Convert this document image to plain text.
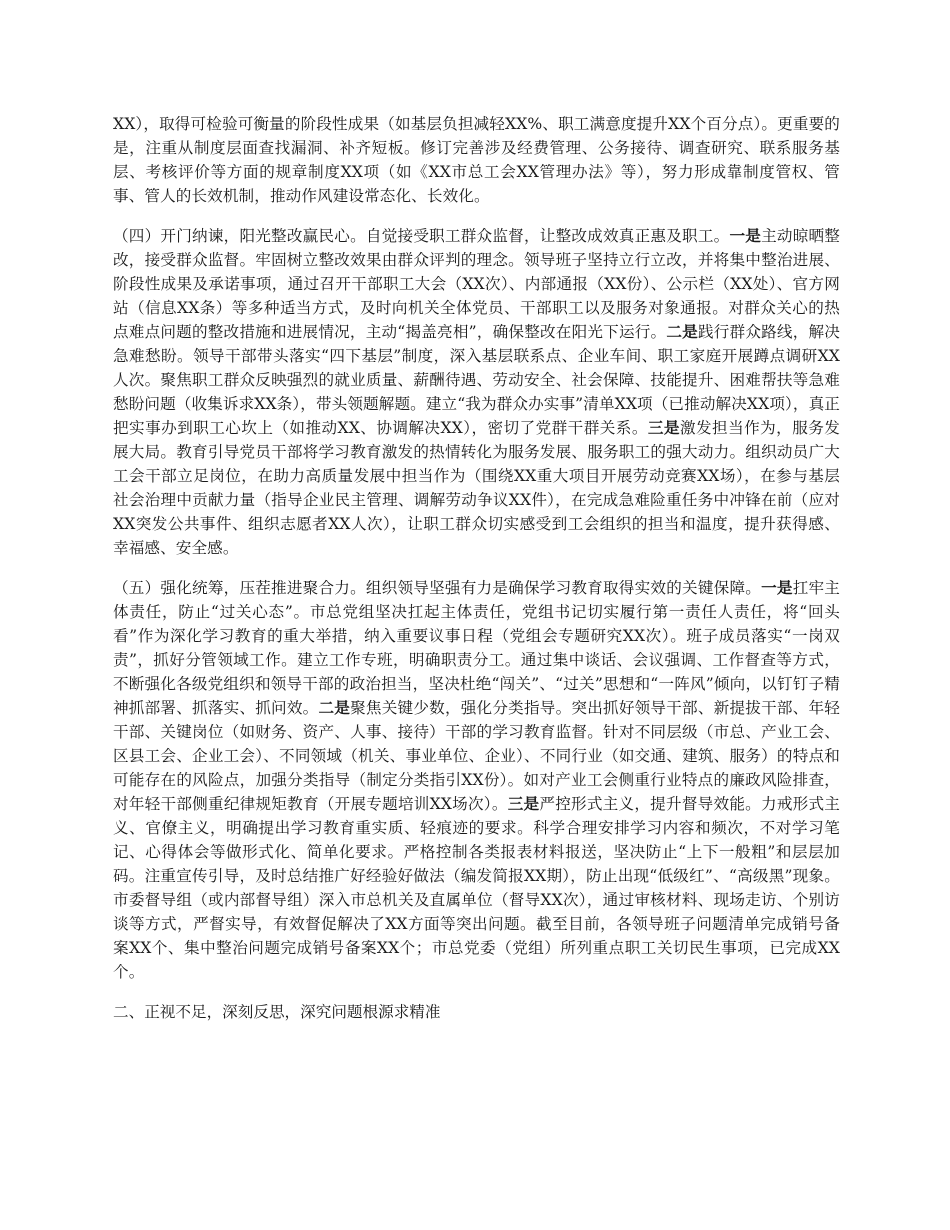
XX），取得可检验可衡量的阶段性成果（如基层负担减轻XX%、职工满意度提升XX个百分点）。更重要的是，注重从制度层面查找漏洞、补齐短板。修订完善涉及经费管理、公务接待、调查研究、联系服务基层、考核评价等方面的规章制度XX项（如《XX市总工会XX管理办法》等），努力形成靠制度管权、管事、管人的长效机制，推动作风建设常态化、长效化。

（四）开门纳谏，阳光整改赢民心。自觉接受职工群众监督，让整改成效真正惠及职工。一是主动晾晒整改，接受群众监督。牢固树立整改效果由群众评判的理念。领导班子坚持立行立改，并将集中整治进展、阶段性成果及承诺事项，通过召开干部职工大会（XX次）、内部通报（XX份）、公示栏（XX处）、官方网站（信息XX条）等多种适当方式，及时向机关全体党员、干部职工以及服务对象通报。对群众关心的热点难点问题的整改措施和进展情况，主动“揭盖亮相”，确保整改在阳光下运行。二是践行群众路线，解决急难愁盼。领导干部带头落实“四下基层”制度，深入基层联系点、企业车间、职工家庭开展蹲点调研XX人次。聚焦职工群众反映强烈的就业质量、薪酬待遇、劳动安全、社会保障、技能提升、困难帮扶等急难愁盼问题（收集诉求XX条），带头领题解题。建立“我为群众办实事”清单XX项（已推动解决XX项），真正把实事办到职工心坎上（如推动XX、协调解决XX），密切了党群干群关系。三是激发担当作为，服务发展大局。教育引导党员干部将学习教育激发的热情转化为服务发展、服务职工的强大动力。组织动员广大工会干部立足岗位，在助力高质量发展中担当作为（围绕XX重大项目开展劳动竞赛XX场），在参与基层社会治理中贡献力量（指导企业民主管理、调解劳动争议XX件），在完成急难险重任务中冲锋在前（应对XX突发公共事件、组织志愿者XX人次），让职工群众切实感受到工会组织的担当和温度，提升获得感、幸福感、安全感。

（五）强化统筹，压茬推进聚合力。组织领导坚强有力是确保学习教育取得实效的关键保障。一是扛牢主体责任，防止“过关心态”。市总党组坚决扛起主体责任，党组书记切实履行第一责任人责任，将“回头看”作为深化学习教育的重大举措，纳入重要议事日程（党组会专题研究XX次）。班子成员落实“一岗双责”，抓好分管领域工作。建立工作专班，明确职责分工。通过集中谈话、会议强调、工作督查等方式，不断强化各级党组织和领导干部的政治担当，坚决杜绝“闯关”、“过关”思想和“一阵风”倾向，以钉钉子精神抓部署、抓落实、抓问效。二是聚焦关键少数，强化分类指导。突出抓好领导干部、新提拔干部、年轻干部、关键岗位（如财务、资产、人事、接待）干部的学习教育监督。针对不同层级（市总、产业工会、区县工会、企业工会）、不同领域（机关、事业单位、企业）、不同行业（如交通、建筑、服务）的特点和可能存在的风险点，加强分类指导（制定分类指引XX份）。如对产业工会侧重行业特点的廉政风险排查，对年轻干部侧重纪律规矩教育（开展专题培训XX场次）。三是严控形式主义，提升督导效能。力戒形式主义、官僚主义，明确提出学习教育重实质、轻痕迹的要求。科学合理安排学习内容和频次，不对学习笔记、心得体会等做形式化、简单化要求。严格控制各类报表材料报送，坚决防止“上下一般粗”和层层加码。注重宣传引导，及时总结推广好经验好做法（编发简报XX期），防止出现“低级红”、“高级黑”现象。市委督导组（或内部督导组）深入市总机关及直属单位（督导XX次），通过审核材料、现场走访、个别访谈等方式，严督实导，有效督促解决了XX方面等突出问题。截至目前，各领导班子问题清单完成销号备案XX个、集中整治问题完成销号备案XX个；市总党委（党组）所列重点职工关切民生事项，已完成XX个。

二、正视不足，深刻反思，深究问题根源求精准
